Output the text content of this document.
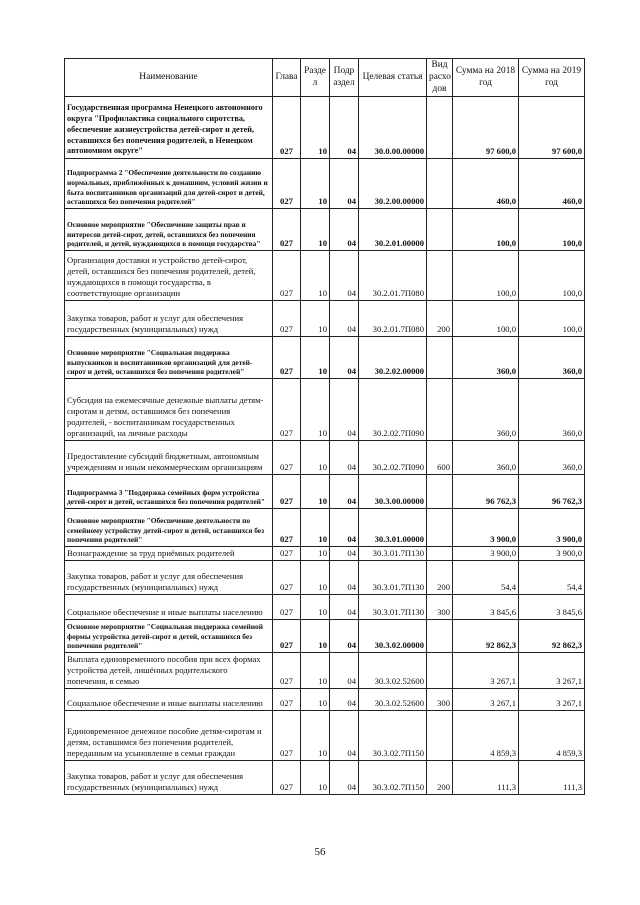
Наименование	Глава	Разде л	Подр аздел	Целевая статья	Вид расхо дов	Сумма на 2018 год	Сумма на 2019 год
Государственная программа Ненецкого автономного округа "Профилактика социального сиротства, обеспечение жизнеустройства детей-сирот и детей, оставшихся без попечения родителей, в Ненецком автономном округе"	027	10	04	30.0.00.00000		97 600,0	97 600,0
Подпрограмма 2 "Обеспечение деятельности по созданию нормальных, приближённых к домашним, условий жизни и быта воспитанников организаций для детей-сирот и детей, оставшихся без попечения родителей"	027	10	04	30.2.00.00000		460,0	460,0
Основное мероприятие "Обеспечение защиты прав и интересов детей-сирот, детей, оставшихся без попечения родителей, и детей, нуждающихся в помощи государства"	027	10	04	30.2.01.00000		100,0	100,0
Организация доставки и устройство детей-сирот, детей, оставшихся без попечения родителей, детей, нуждающихся в помощи государства, в соответствующие организации	027	10	04	30.2.01.7П080		100,0	100,0
Закупка товаров, работ и услуг для обеспечения государственных (муниципальных) нужд	027	10	04	30.2.01.7П080	200	100,0	100,0
Основное мероприятие "Социальная поддержка выпускников и воспитанников организаций для детей-сирот и детей, оставшихся без попечения родителей"	027	10	04	30.2.02.00000		360,0	360,0
Субсидия на ежемесячные денежные выплаты детям-сиротам и детям, оставшимся без попечения родителей, - воспитанникам государственных организаций, на личные расходы	027	10	04	30.2.02.7П090		360,0	360,0
Предоставление субсидий бюджетным, автономным учреждениям и иным некоммерческим организациям	027	10	04	30.2.02.7П090	600	360,0	360,0
Подпрограмма 3 "Поддержка семейных форм устройства детей-сирот и детей, оставшихся без попечения родителей"	027	10	04	30.3.00.00000		96 762,3	96 762,3
Основное мероприятие "Обеспечение деятельности по семейному устройству детей-сирот и детей, оставшихся без попечения родителей"	027	10	04	30.3.01.00000		3 900,0	3 900,0
Вознаграждение за труд приёмных родителей	027	10	04	30.3.01.7П130		3 900,0	3 900,0
Закупка товаров, работ и услуг для обеспечения государственных (муниципальных) нужд	027	10	04	30.3.01.7П130	200	54,4	54,4
Социальное обеспечение и иные выплаты населению	027	10	04	30.3.01.7П130	300	3 845,6	3 845,6
Основное мероприятие "Социальная поддержка семейной формы устройства детей-сирот и детей, оставшихся без попечения родителей"	027	10	04	30.3.02.00000		92 862,3	92 862,3
Выплата единовременного пособия при всех формах устройства детей, лишённых родительского попечения, в семью	027	10	04	30.3.02.52600		3 267,1	3 267,1
Социальное обеспечение и иные выплаты населению	027	10	04	30.3.02.52600	300	3 267,1	3 267,1
Единовременное денежное пособие детям-сиротам и детям, оставшимся без попечения родителей, переданным на усыновление в семьи граждан	027	10	04	30.3.02.7П150		4 859,3	4 859,3
Закупка товаров, работ и услуг для обеспечения государственных (муниципальных) нужд	027	10	04	30.3.02.7П150	200	111,3	111,3
56
